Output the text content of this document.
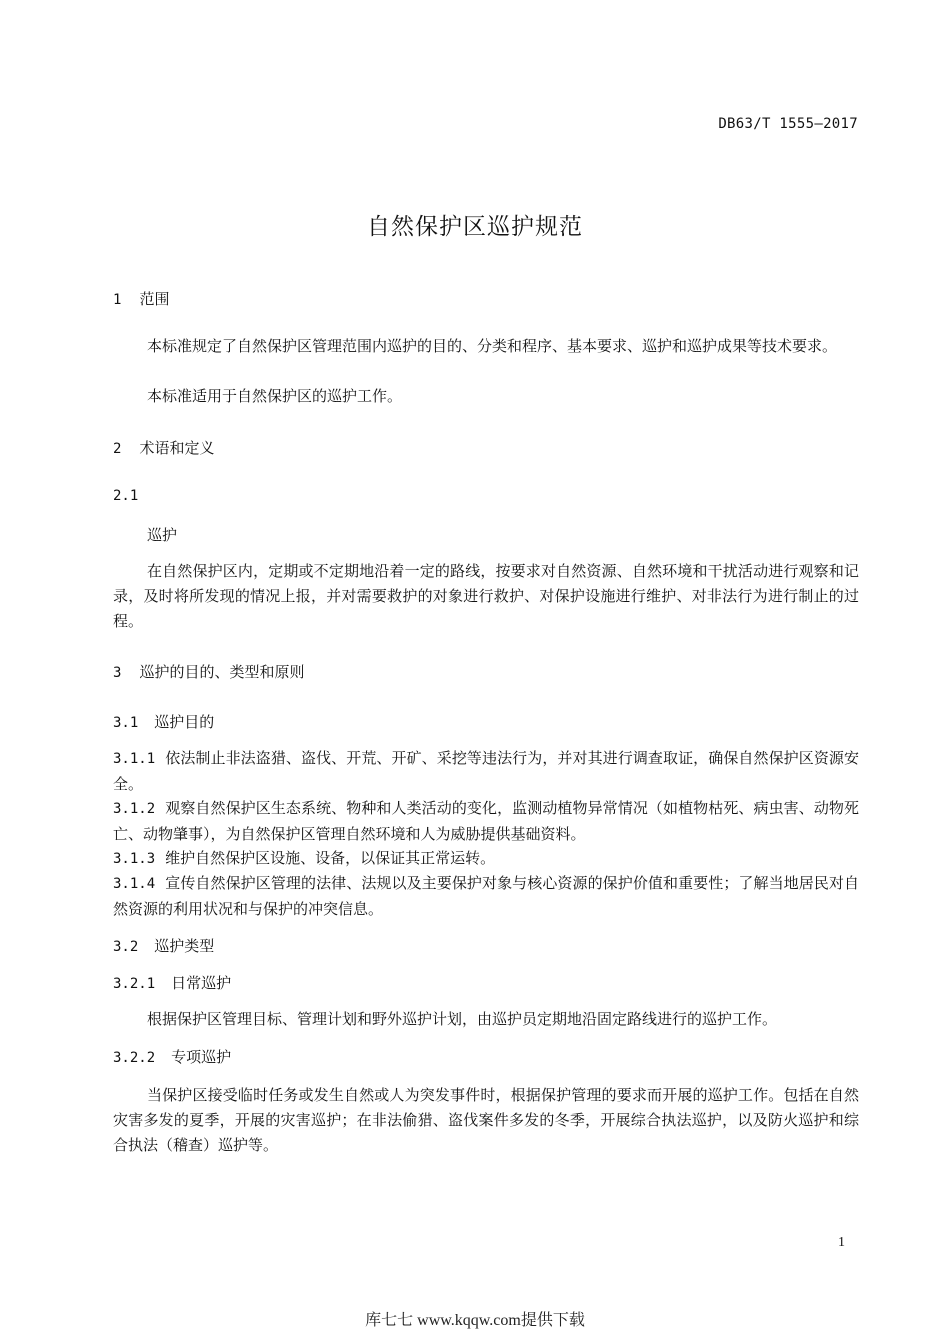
DB63/T 1555—2017
自然保护区巡护规范
1 范围
本标准规定了自然保护区管理范围内巡护的目的、分类和程序、基本要求、巡护和巡护成果等技术要求。
本标准适用于自然保护区的巡护工作。
2 术语和定义
2.1
巡护
在自然保护区内，定期或不定期地沿着一定的路线，按要求对自然资源、自然环境和干扰活动进行观察和记录，及时将所发现的情况上报，并对需要救护的对象进行救护、对保护设施进行维护、对非法行为进行制止的过程。
3 巡护的目的、类型和原则
3.1 巡护目的
3.1.1 依法制止非法盗猎、盗伐、开荒、开矿、采挖等违法行为，并对其进行调查取证，确保自然保护区资源安全。
3.1.2 观察自然保护区生态系统、物种和人类活动的变化，监测动植物异常情况（如植物枯死、病虫害、动物死亡、动物肇事），为自然保护区管理自然环境和人为威胁提供基础资料。
3.1.3 维护自然保护区设施、设备，以保证其正常运转。
3.1.4 宣传自然保护区管理的法律、法规以及主要保护对象与核心资源的保护价值和重要性；了解当地居民对自然资源的利用状况和与保护的冲突信息。
3.2 巡护类型
3.2.1 日常巡护
根据保护区管理目标、管理计划和野外巡护计划，由巡护员定期地沿固定路线进行的巡护工作。
3.2.2 专项巡护
当保护区接受临时任务或发生自然或人为突发事件时，根据保护管理的要求而开展的巡护工作。包括在自然灾害多发的夏季，开展的灾害巡护；在非法偷猎、盗伐案件多发的冬季，开展综合执法巡护，以及防火巡护和综合执法（稽查）巡护等。
1
库七七 www.kqqw.com提供下载
